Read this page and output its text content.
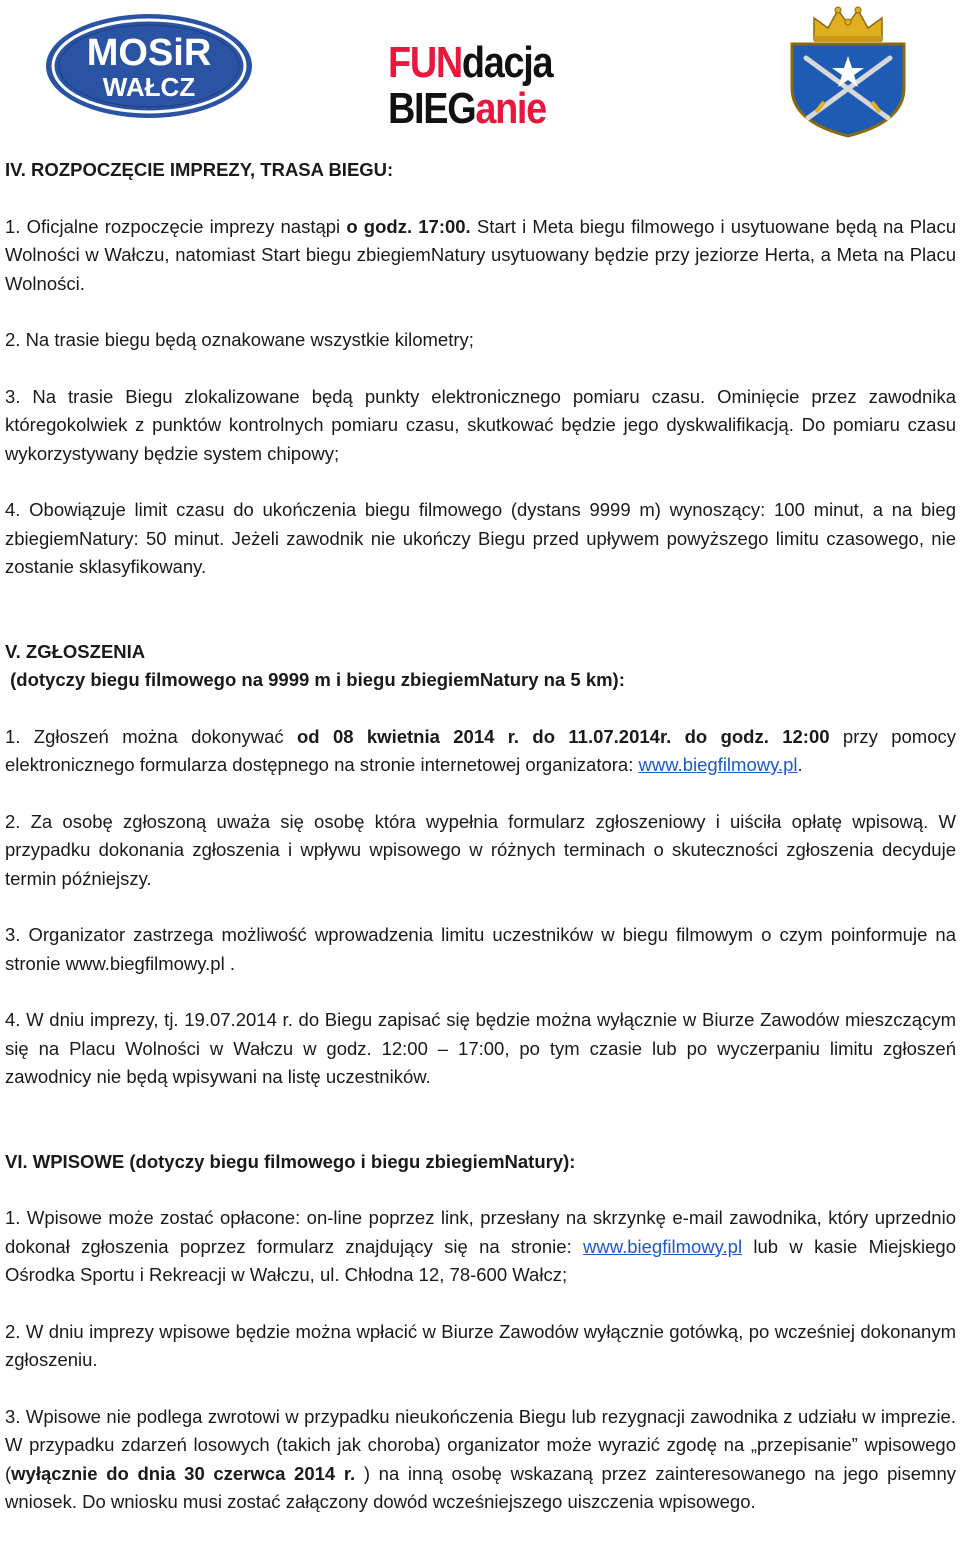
MOSiR
WAŁCZ	FUNdacja
BIEGanie

IV. ROZPOCZĘCIE IMPREZY, TRASA BIEGU:

1. Oficjalne rozpoczęcie imprezy nastąpi o godz. 17:00. Start i Meta biegu filmowego i usytuowane będą na Placu Wolności w Wałczu, natomiast Start biegu zbiegiemNatury usytuowany będzie przy jeziorze Herta, a Meta na Placu Wolności.

2. Na trasie biegu będą oznakowane wszystkie kilometry;

3. Na trasie Biegu zlokalizowane będą punkty elektronicznego pomiaru czasu. Ominięcie przez zawodnika któregokolwiek z punktów kontrolnych pomiaru czasu, skutkować będzie jego dyskwalifikacją. Do pomiaru czasu wykorzystywany będzie system chipowy;

4. Obowiązuje limit czasu do ukończenia biegu filmowego (dystans 9999 m) wynoszący: 100 minut, a na bieg zbiegiemNatury: 50 minut. Jeżeli zawodnik nie ukończy Biegu przed upływem powyższego limitu czasowego, nie zostanie sklasyfikowany.

V. ZGŁOSZENIA

(dotyczy biegu filmowego na 9999 m i biegu zbiegiemNatury na 5 km):

1. Zgłoszeń można dokonywać od 08 kwietnia 2014 r. do 11.07.2014r. do godz. 12:00 przy pomocy elektronicznego formularza dostępnego na stronie internetowej organizatora: www.biegfilmowy.pl.

2. Za osobę zgłoszoną uważa się osobę która wypełnia formularz zgłoszeniowy i uiściła opłatę wpisową. W przypadku dokonania zgłoszenia i wpływu wpisowego w różnych terminach o skuteczności zgłoszenia decyduje termin późniejszy.

3. Organizator zastrzega możliwość wprowadzenia limitu uczestników w biegu filmowym o czym poinformuje na stronie www.biegfilmowy.pl .

4. W dniu imprezy, tj. 19.07.2014 r. do Biegu zapisać się będzie można wyłącznie w Biurze Zawodów mieszczącym się na Placu Wolności w Wałczu w godz. 12:00 – 17:00, po tym czasie lub po wyczerpaniu limitu zgłoszeń zawodnicy nie będą wpisywani na listę uczestników.

VI. WPISOWE (dotyczy biegu filmowego i biegu zbiegiemNatury):

1. Wpisowe może zostać opłacone: on-line poprzez link, przesłany na skrzynkę e-mail zawodnika, który uprzednio dokonał zgłoszenia poprzez formularz znajdujący się na stronie: www.biegfilmowy.pl lub w kasie Miejskiego Ośrodka Sportu i Rekreacji w Wałczu, ul. Chłodna 12, 78-600 Wałcz;

2. W dniu imprezy wpisowe będzie można wpłacić w Biurze Zawodów wyłącznie gotówką, po wcześniej dokonanym zgłoszeniu.

3. Wpisowe nie podlega zwrotowi w przypadku nieukończenia Biegu lub rezygnacji zawodnika z udziału w imprezie. W przypadku zdarzeń losowych (takich jak choroba) organizator może wyrazić zgodę na „przepisanie” wpisowego (wyłącznie do dnia 30 czerwca 2014 r. ) na inną osobę wskazaną przez zainteresowanego na jego pisemny wniosek. Do wniosku musi zostać załączony dowód wcześniejszego uiszczenia wpisowego.
